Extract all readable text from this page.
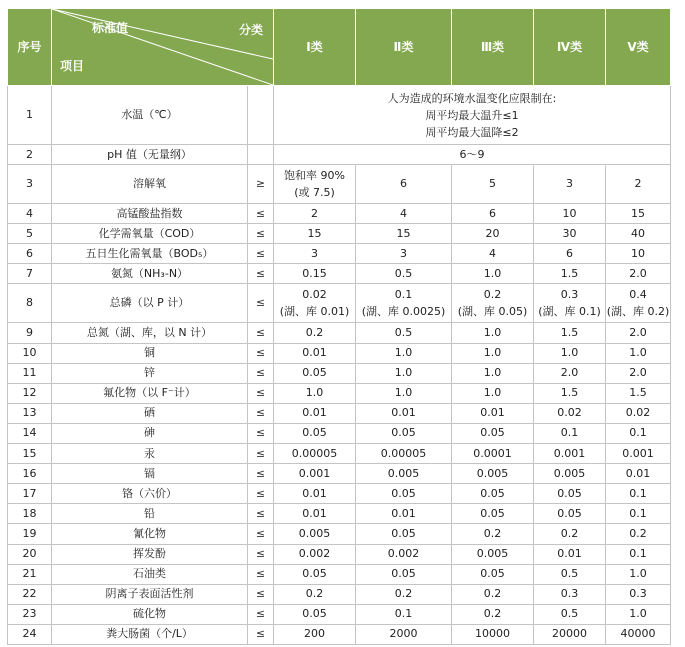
序号	标准值 分类
项目		Ⅰ类	Ⅱ类	Ⅲ类	Ⅳ类	Ⅴ类
1	水温（℃）		人为造成的环境水温变化应限制在:
周平均最大温升≤1
周平均最大温降≤2				

2	pH 值（无量纲）		6～9				
3	溶解氧	≥	饱和率 90%
(或 7.5)	6	5	3	2
4	高锰酸盐指数	≤	2	4	6	10	15
5	化学需氧量（COD）	≤	15	15	20	30	40
6	五日生化需氧量（BOD₅）	≤	3	3	4	6	10
7	氨氮（NH₃-N）	≤	0.15	0.5	1.0	1.5	2.0
8	总磷（以 P 计）	≤	0.02
(湖、库 0.01)	0.1
(湖、库 0.0025)	0.2
(湖、库 0.05)	0.3
(湖、库 0.1)	0.4
(湖、库 0.2)

9	总氮（湖、库，以 N 计）	≤	0.2	0.5	1.0	1.5	2.0
10	铜	≤	0.01	1.0	1.0	1.0	1.0
11	锌	≤	0.05	1.0	1.0	2.0	2.0
12	氟化物（以 F⁻计）	≤	1.0	1.0	1.0	1.5	1.5
13	硒	≤	0.01	0.01	0.01	0.02	0.02
14	砷	≤	0.05	0.05	0.05	0.1	0.1
15	汞	≤	0.00005	0.00005	0.0001	0.001	0.001
16	镉	≤	0.001	0.005	0.005	0.005	0.01
17	铬（六价）	≤	0.01	0.05	0.05	0.05	0.1
18	铅	≤	0.01	0.01	0.05	0.05	0.1
19	氰化物	≤	0.005	0.05	0.2	0.2	0.2
20	挥发酚	≤	0.002	0.002	0.005	0.01	0.1
21	石油类	≤	0.05	0.05	0.05	0.5	1.0
22	阴离子表面活性剂	≤	0.2	0.2	0.2	0.3	0.3
23	硫化物	≤	0.05	0.1	0.2	0.5	1.0
24	粪大肠菌（个/L）	≤	200	2000	10000	20000	40000
